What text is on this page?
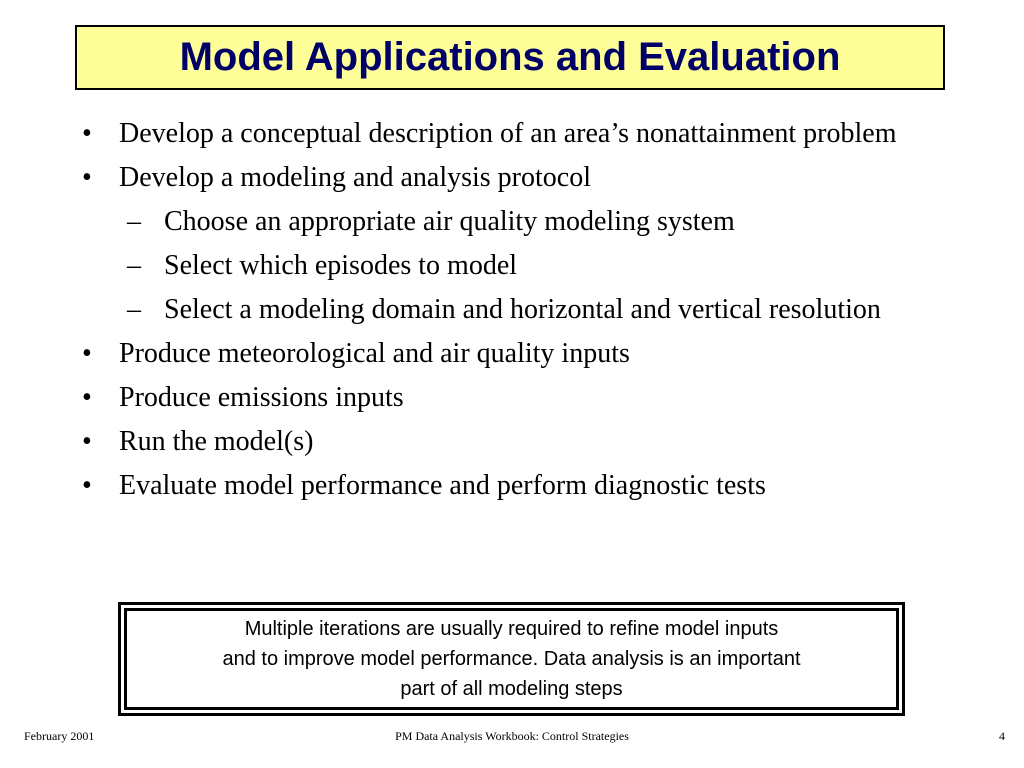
Model Applications and Evaluation
• Develop a conceptual description of an area’s nonattainment problem
• Develop a modeling and analysis protocol
– Choose an appropriate air quality modeling system
– Select which episodes to model
– Select a modeling domain and horizontal and vertical resolution
• Produce meteorological and air quality inputs
• Produce emissions inputs
• Run the model(s)
• Evaluate model performance and perform diagnostic tests
Multiple iterations are usually required to refine model inputs
and to improve model performance. Data analysis is an important
part of all modeling steps
February 2001	PM Data Analysis Workbook: Control Strategies	4
